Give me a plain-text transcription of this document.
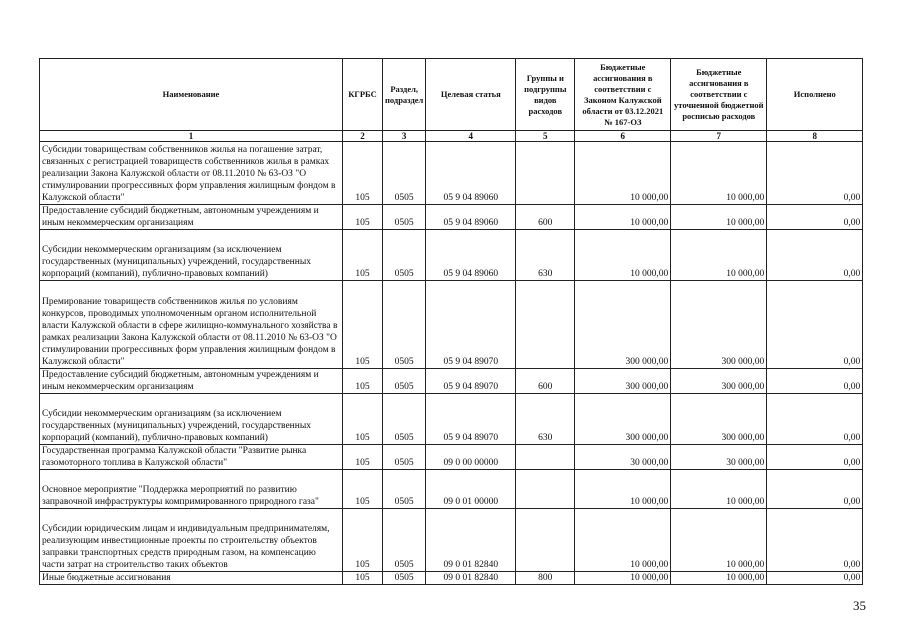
Наименование	КГРБС	Раздел, подраздел	Целевая статья	Группы и подгруппы видов расходов	Бюджетные ассигнования в соответствии с Законом Калужской области от 03.12.2021 № 167-ОЗ	Бюджетные ассигнования в соответствии с уточненной бюджетной росписью расходов	Исполнено
1	2	3	4	5	6	7	8
Субсидии товариществам собственников жилья на погашение затрат, связанных с регистрацией товариществ собственников жилья в рамках реализации Закона Калужской области от 08.11.2010 № 63-ОЗ "О стимулировании прогрессивных форм управления жилищным фондом в Калужской области"	105	0505	05 9 04 89060		10 000,00	10 000,00	0,00
Предоставление субсидий бюджетным, автономным учреждениям и иным некоммерческим организациям	105	0505	05 9 04 89060	600	10 000,00	10 000,00	0,00
Субсидии некоммерческим организациям (за исключением государственных (муниципальных) учреждений, государственных корпораций (компаний), публично-правовых компаний)	105	0505	05 9 04 89060	630	10 000,00	10 000,00	0,00
Премирование товариществ собственников жилья по условиям конкурсов, проводимых уполномоченным органом исполнительной власти Калужской области в сфере жилищно-коммунального хозяйства в рамках реализации Закона Калужской области от 08.11.2010 № 63-ОЗ "О стимулировании прогрессивных форм управления жилищным фондом в Калужской области"	105	0505	05 9 04 89070		300 000,00	300 000,00	0,00
Предоставление субсидий бюджетным, автономным учреждениям и иным некоммерческим организациям	105	0505	05 9 04 89070	600	300 000,00	300 000,00	0,00
Субсидии некоммерческим организациям (за исключением государственных (муниципальных) учреждений, государственных корпораций (компаний), публично-правовых компаний)	105	0505	05 9 04 89070	630	300 000,00	300 000,00	0,00
Государственная программа Калужской области "Развитие рынка газомоторного топлива в Калужской области"	105	0505	09 0 00 00000		30 000,00	30 000,00	0,00
Основное мероприятие "Поддержка мероприятий по развитию заправочной инфраструктуры компримированного природного газа"	105	0505	09 0 01 00000		10 000,00	10 000,00	0,00
Субсидии юридическим лицам и индивидуальным предпринимателям, реализующим инвестиционные проекты по строительству объектов заправки транспортных средств природным газом, на компенсацию части затрат на строительство таких объектов	105	0505	09 0 01 82840		10 000,00	10 000,00	0,00
Иные бюджетные ассигнования	105	0505	09 0 01 82840	800	10 000,00	10 000,00	0,00
35
